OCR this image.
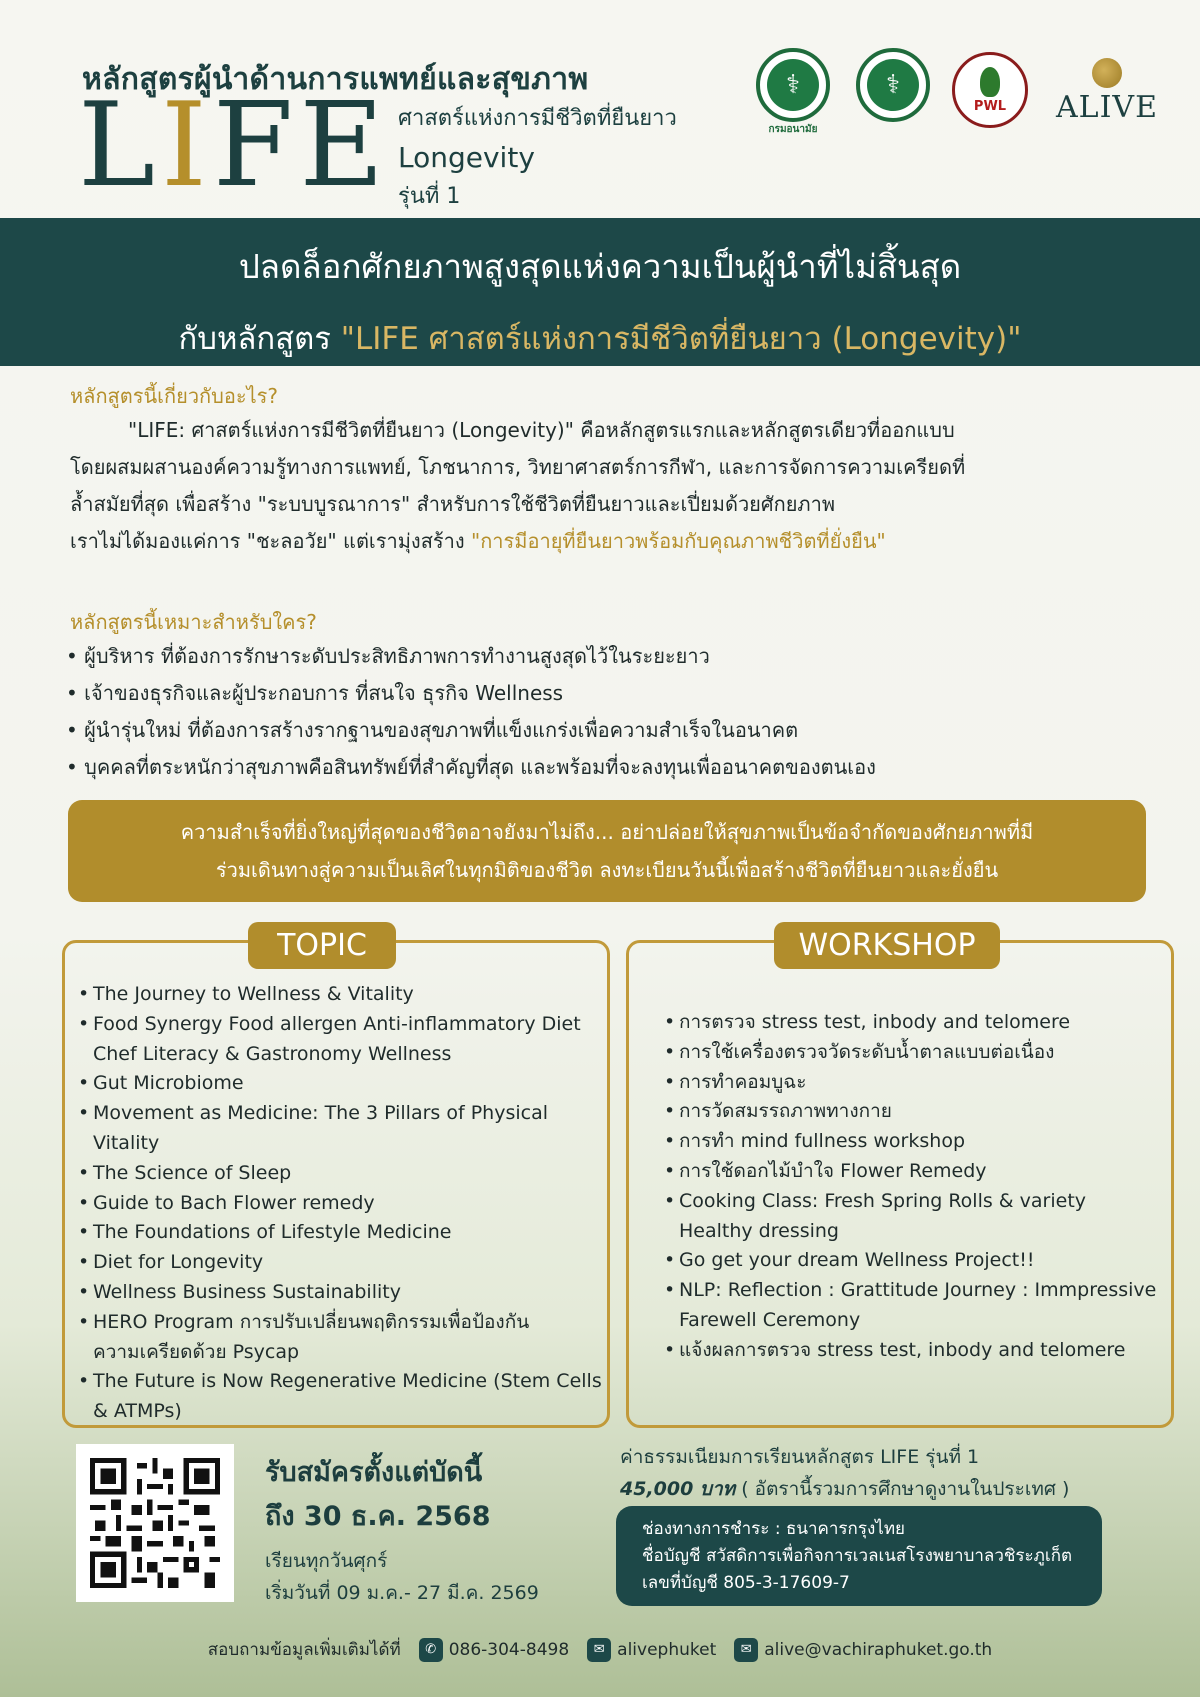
หลักสูตรผู้นำด้านการแพทย์และสุขภาพ
LIFE ศาสตร์แห่งการมีชีวิตที่ยืนยาว
Longevity
รุ่นที่ 1
⚕
กรมอนามัย
⚕
PWL	ALIVE
ปลดล็อกศักยภาพสูงสุดแห่งความเป็นผู้นำที่ไม่สิ้นสุด
กับหลักสูตร "LIFE ศาสตร์แห่งการมีชีวิตที่ยืนยาว (Longevity)"
หลักสูตรนี้เกี่ยวกับอะไร?
"LIFE: ศาสตร์แห่งการมีชีวิตที่ยืนยาว (Longevity)" คือหลักสูตรแรกและหลักสูตรเดียวที่ออกแบบ
โดยผสมผสานองค์ความรู้ทางการแพทย์, โภชนาการ, วิทยาศาสตร์การกีฬา, และการจัดการความเครียดที่
ล้ำสมัยที่สุด เพื่อสร้าง "ระบบบูรณาการ" สำหรับการใช้ชีวิตที่ยืนยาวและเปี่ยมด้วยศักยภาพ
เราไม่ได้มองแค่การ "ชะลอวัย" แต่เรามุ่งสร้าง "การมีอายุที่ยืนยาวพร้อมกับคุณภาพชีวิตที่ยั่งยืน"
หลักสูตรนี้เหมาะสำหรับใคร?
• ผู้บริหาร ที่ต้องการรักษาระดับประสิทธิภาพการทำงานสูงสุดไว้ในระยะยาว
• เจ้าของธุรกิจและผู้ประกอบการ ที่สนใจ ธุรกิจ Wellness
• ผู้นำรุ่นใหม่ ที่ต้องการสร้างรากฐานของสุขภาพที่แข็งแกร่งเพื่อความสำเร็จในอนาคต
• บุคคลที่ตระหนักว่าสุขภาพคือสินทรัพย์ที่สำคัญที่สุด และพร้อมที่จะลงทุนเพื่ออนาคตของตนเอง
ความสำเร็จที่ยิ่งใหญ่ที่สุดของชีวิตอาจยังมาไม่ถึง... อย่าปล่อยให้สุขภาพเป็นข้อจำกัดของศักยภาพที่มี
ร่วมเดินทางสู่ความเป็นเลิศในทุกมิติของชีวิต ลงทะเบียนวันนี้เพื่อสร้างชีวิตที่ยืนยาวและยั่งยืน
TOPIC
• The Journey to Wellness & Vitality
• Food Synergy Food allergen Anti-inflammatory Diet Chef Literacy & Gastronomy Wellness
• Gut Microbiome
• Movement as Medicine: The 3 Pillars of Physical Vitality
• The Science of Sleep
• Guide to Bach Flower remedy
• The Foundations of Lifestyle Medicine
• Diet for Longevity
• Wellness Business Sustainability
• HERO Program การปรับเปลี่ยนพฤติกรรมเพื่อป้องกันความเครียดด้วย Psycap
• The Future is Now Regenerative Medicine (Stem Cells & ATMPs)
WORKSHOP
• การตรวจ stress test, inbody and telomere
• การใช้เครื่องตรวจวัดระดับน้ำตาลแบบต่อเนื่อง
• การทำคอมบูฉะ
• การวัดสมรรถภาพทางกาย
• การทำ mind fullness workshop
• การใช้ดอกไม้บำใจ Flower Remedy
• Cooking Class: Fresh Spring Rolls & variety Healthy dressing
• Go get your dream Wellness Project!!
• NLP: Reflection : Grattitude Journey : Immpressive Farewell Ceremony
• แจ้งผลการตรวจ stress test, inbody and telomere
รับสมัครตั้งแต่บัดนี้
ถึง 30 ธ.ค. 2568
เรียนทุกวันศุกร์
เริ่มวันที่ 09 ม.ค.- 27 มี.ค. 2569
ค่าธรรมเนียมการเรียนหลักสูตร LIFE รุ่นที่ 1
45,000 บาท ( อัตรานี้รวมการศึกษาดูงานในประเทศ )
ช่องทางการชำระ : ธนาคารกรุงไทย
ชื่อบัญชี สวัสดิการเพื่อกิจการเวลเนสโรงพยาบาลวชิระภูเก็ต
เลขที่บัญชี 805-3-17609-7
สอบถามข้อมูลเพิ่มเติมได้ที่	✆ 086-304-8498	✉ alivephuket	✉ alive@vachiraphuket.go.th
